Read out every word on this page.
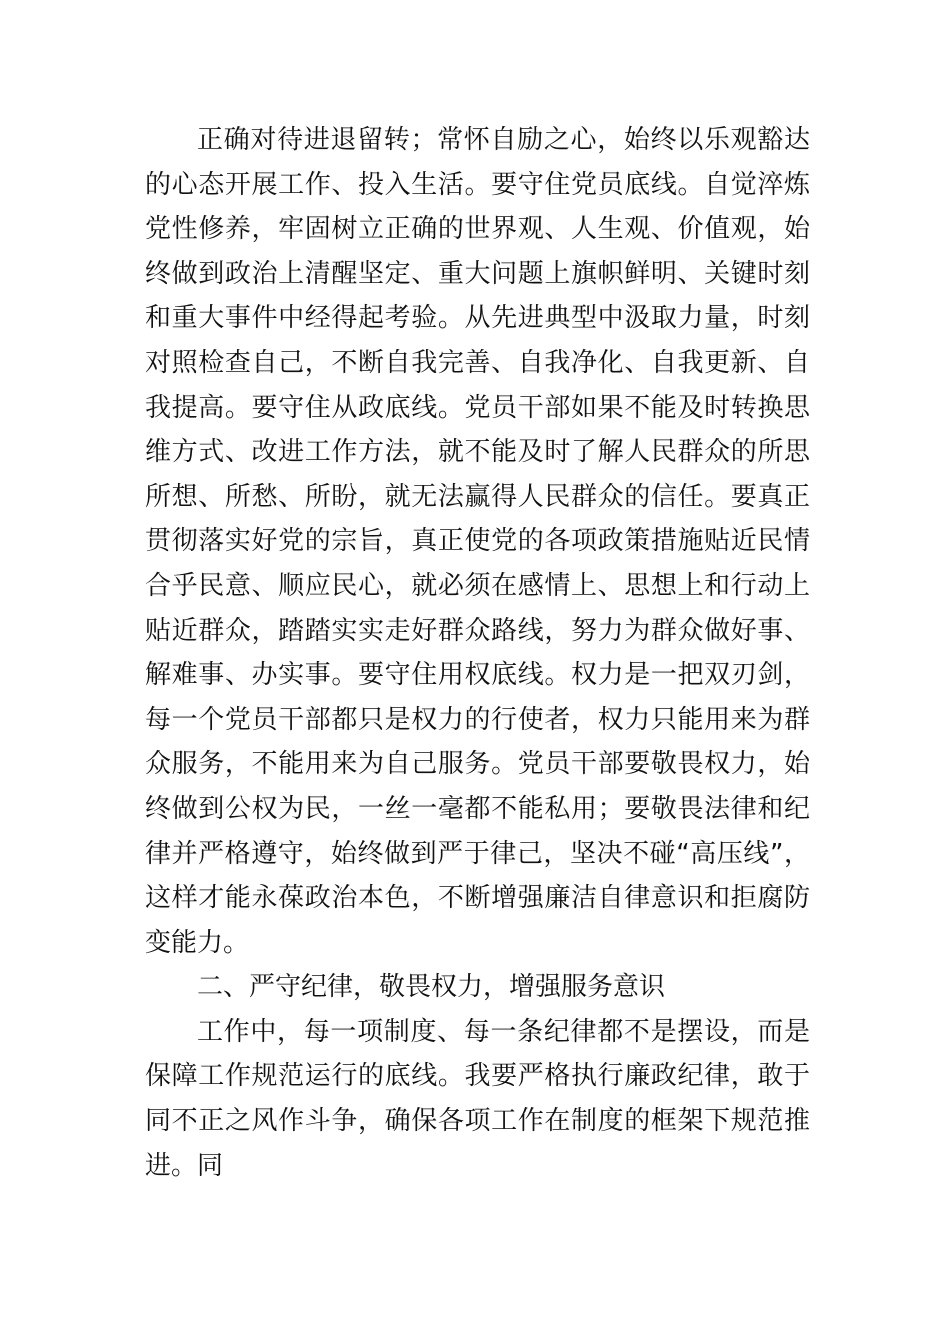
正确对待进退留转；常怀自励之心，始终以乐观豁达
的心态开展工作、投入生活。要守住党员底线。自觉淬炼
党性修养，牢固树立正确的世界观、人生观、价值观，始
终做到政治上清醒坚定、重大问题上旗帜鲜明、关键时刻
和重大事件中经得起考验。从先进典型中汲取力量，时刻
对照检查自己，不断自我完善、自我净化、自我更新、自
我提高。要守住从政底线。党员干部如果不能及时转换思
维方式、改进工作方法，就不能及时了解人民群众的所思
所想、所愁、所盼，就无法赢得人民群众的信任。要真正
贯彻落实好党的宗旨，真正使党的各项政策措施贴近民情
合乎民意、顺应民心，就必须在感情上、思想上和行动上
贴近群众，踏踏实实走好群众路线，努力为群众做好事、
解难事、办实事。要守住用权底线。权力是一把双刃剑，
每一个党员干部都只是权力的行使者，权力只能用来为群
众服务，不能用来为自己服务。党员干部要敬畏权力，始
终做到公权为民，一丝一毫都不能私用；要敬畏法律和纪
律并严格遵守，始终做到严于律己，坚决不碰“高压线”，
这样才能永葆政治本色，不断增强廉洁自律意识和拒腐防
变能力。
二、严守纪律，敬畏权力，增强服务意识
工作中，每一项制度、每一条纪律都不是摆设，而是
保障工作规范运行的底线。我要严格执行廉政纪律，敢于
同不正之风作斗争，确保各项工作在制度的框架下规范推
进。同
